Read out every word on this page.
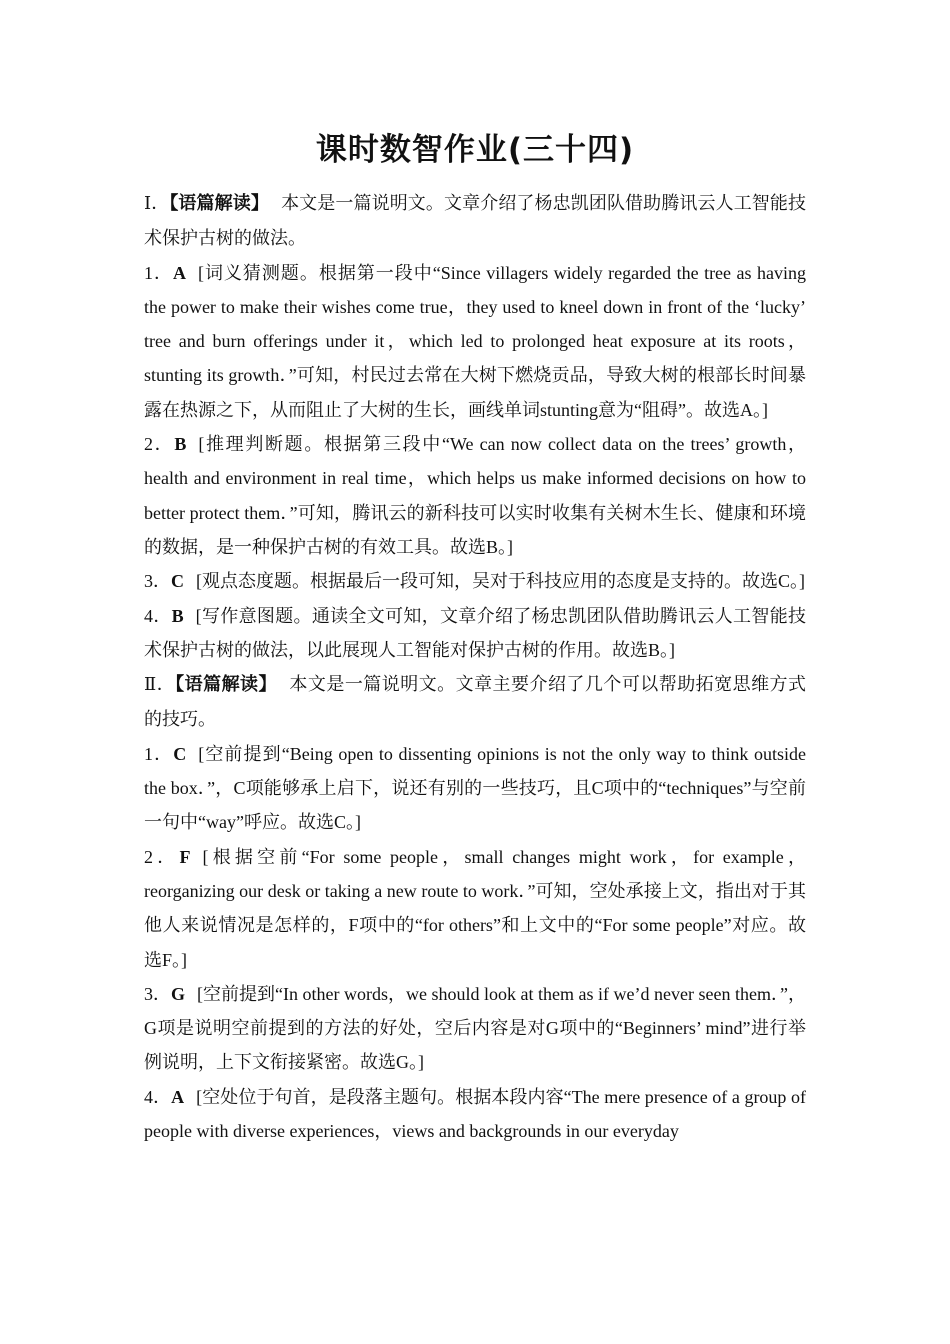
课时数智作业(三十四)
Ⅰ．【语篇解读】 本文是一篇说明文。文章介绍了杨忠凯团队借助腾讯云人工智能技术保护古树的做法。
1．A [词义猜测题。根据第一段中“Since villagers widely regarded the tree as having the power to make their wishes come true，they used to kneel down in front of the ‘lucky’ tree and burn offerings under it，which led to prolonged heat exposure at its roots，stunting its growth．”可知，村民过去常在大树下燃烧贡品，导致大树的根部长时间暴露在热源之下，从而阻止了大树的生长，画线单词stunting意为“阻碍”。故选A。]
2．B [推理判断题。根据第三段中“We can now collect data on the trees’ growth，health and environment in real time，which helps us make informed decisions on how to better protect them．”可知，腾讯云的新科技可以实时收集有关树木生长、健康和环境的数据，是一种保护古树的有效工具。故选B。]
3．C [观点态度题。根据最后一段可知，吴对于科技应用的态度是支持的。故选C。]
4．B [写作意图题。通读全文可知，文章介绍了杨忠凯团队借助腾讯云人工智能技术保护古树的做法，以此展现人工智能对保护古树的作用。故选B。]
Ⅱ．【语篇解读】 本文是一篇说明文。文章主要介绍了几个可以帮助拓宽思维方式的技巧。
1．C [空前提到“Being open to dissenting opinions is not the only way to think outside the box．”，C项能够承上启下，说还有别的一些技巧，且C项中的“techniques”与空前一句中“way”呼应。故选C。]
2．F [根据空前“For some people，small changes might work，for example，reorganizing our desk or taking a new route to work．”可知，空处承接上文，指出对于其他人来说情况是怎样的，F项中的“for others”和上文中的“For some people”对应。故选F。]
3．G [空前提到“In other words，we should look at them as if we’d never seen them．”，G项是说明空前提到的方法的好处，空后内容是对G项中的“Beginners’ mind”进行举例说明，上下文衔接紧密。故选G。]
4．A [空处位于句首，是段落主题句。根据本段内容“The mere presence of a group of people with diverse experiences，views and backgrounds in our everyday
